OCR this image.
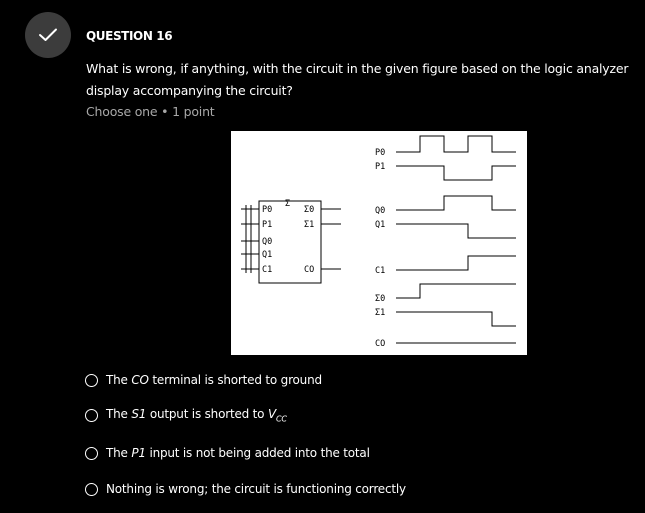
QUESTION 16
What is wrong, if anything, with the circuit in the given figure based on the logic analyzer display accompanying the circuit?
Choose one • 1 point
Σ
P0
P1
Q0
Q1
C1
Σ0
Σ1
CO
P0
P1
Q0
Q1
C1
Σ0
Σ1
CO
The CO terminal is shorted to ground
The S1 output is shorted to $V_{CC}$
The P1 input is not being added into the total
Nothing is wrong; the circuit is functioning correctly
